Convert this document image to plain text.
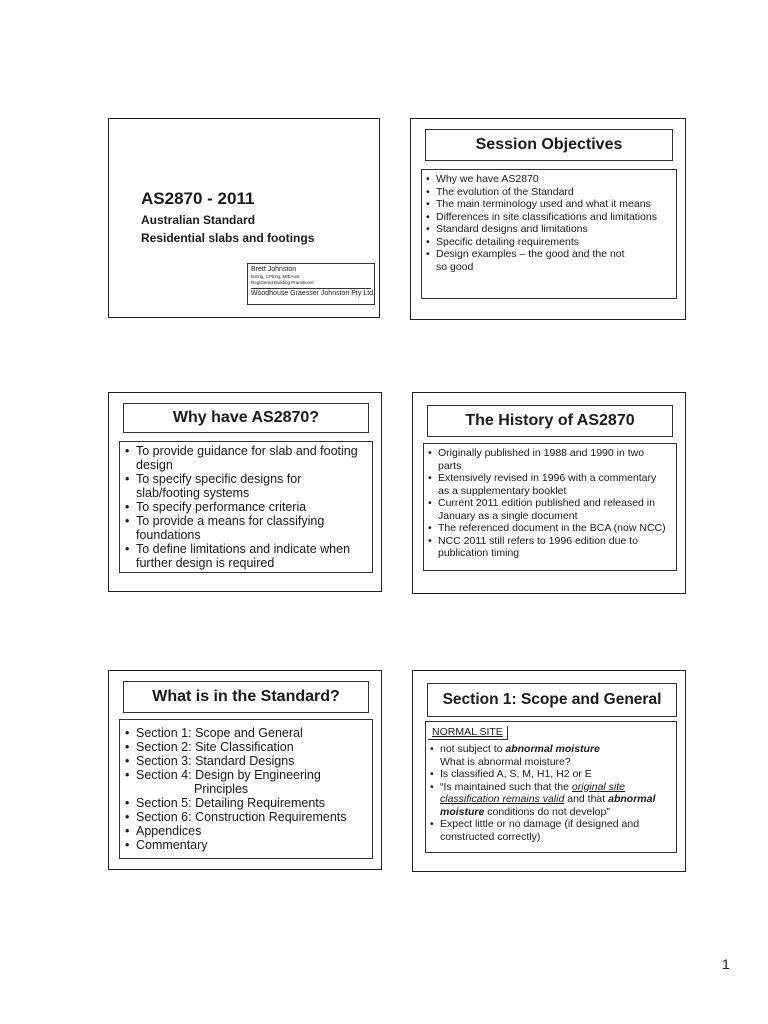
AS2870 - 2011
Australian Standard
Residential slabs and footings
Brett Johnston
B.Eng, CPEng, MIEAust
Registered Building Practitioner
Woodhouse Graesser Johnston Pty Ltd
Session Objectives
• Why we have AS2870
• The evolution of the Standard
• The main terminology used and what it means
• Differences in site classifications and limitations
• Standard designs and limitations
• Specific detailing requirements
• Design examples – the good and the not so good
Why have AS2870?
• To provide guidance for slab and footing design
• To specify specific designs for slab/footing systems
• To specify performance criteria
• To provide a means for classifying foundations
• To define limitations and indicate when further design is required
The History of AS2870
• Originally published in 1988 and 1990 in two parts
• Extensively revised in 1996 with a commentary as a supplementary booklet
• Current 2011 edition published and released in January as a single document
• The referenced document in the BCA (now NCC)
• NCC 2011 still refers to 1996 edition due to publication timing
What is in the Standard?
• Section 1: Scope and General
• Section 2: Site Classification
• Section 3: Standard Designs
• Section 4: Design by Engineering
Principles
• Section 5: Detailing Requirements
• Section 6: Construction Requirements
• Appendices
• Commentary
Section 1: Scope and General
NORMAL SITE
• not subject to abnormal moisture
What is abnormal moisture?
• Is classified A, S, M, H1, H2 or E
• “Is maintained such that the original site classification remains valid and that abnormal moisture conditions do not develop”
• Expect little or no damage (if designed and constructed correctly)
1
